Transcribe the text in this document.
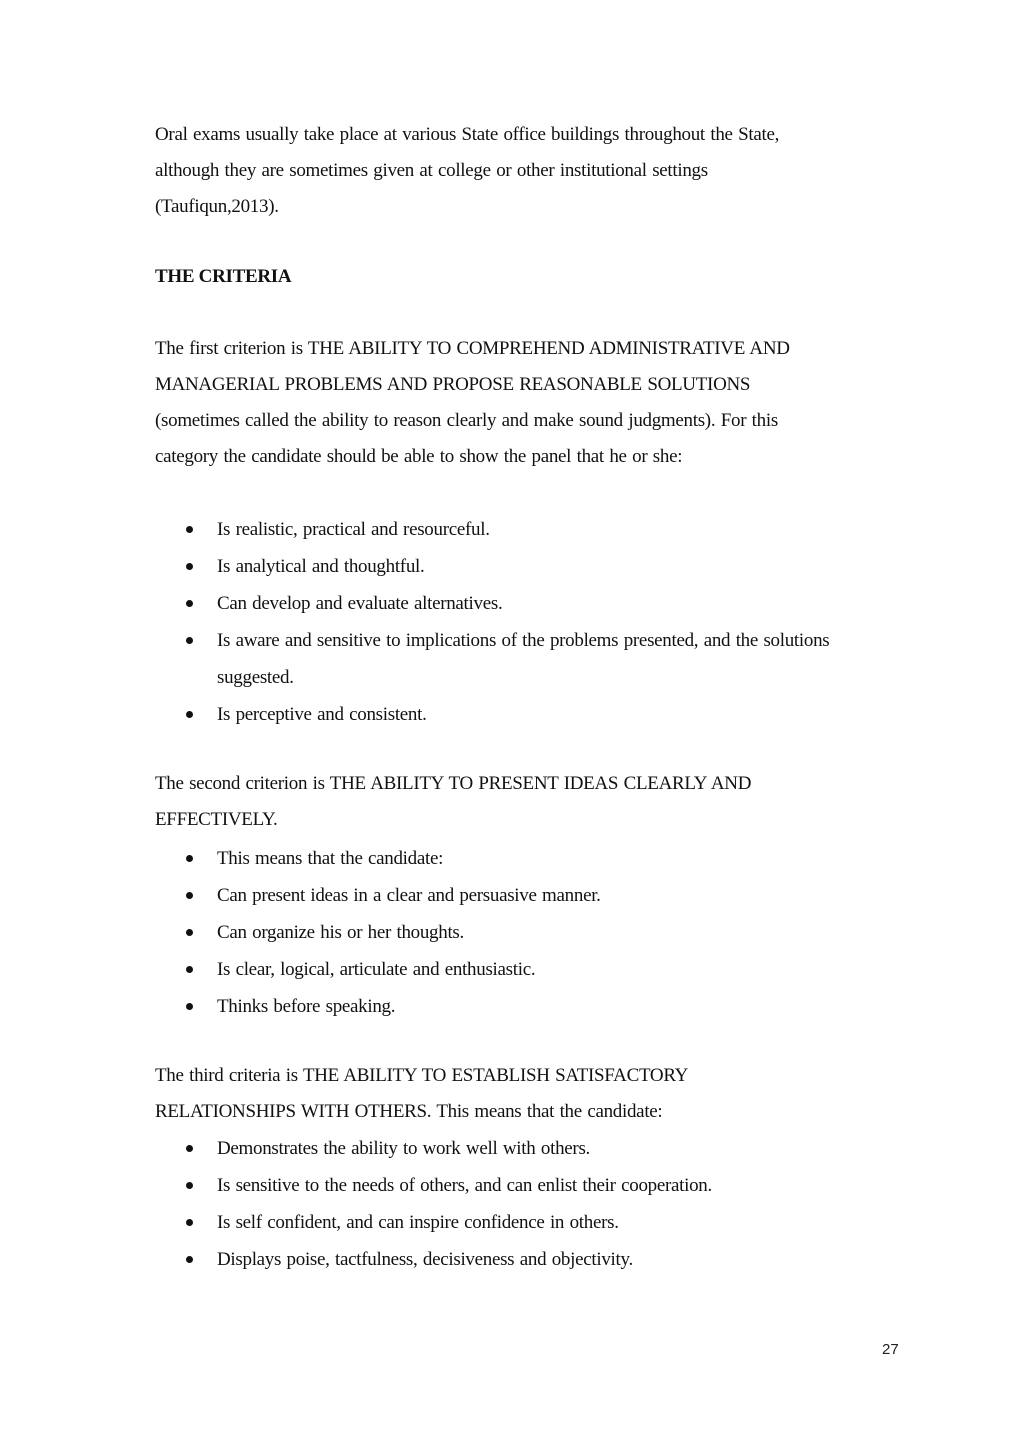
Oral exams usually take place at various State office buildings throughout the State,
although they are sometimes given at college or other institutional settings
(Taufiqun,2013).
THE CRITERIA
The first criterion is THE ABILITY TO COMPREHEND ADMINISTRATIVE AND
MANAGERIAL PROBLEMS AND PROPOSE REASONABLE SOLUTIONS
(sometimes called the ability to reason clearly and make sound judgments). For this
category the candidate should be able to show the panel that he or she:
Is realistic, practical and resourceful.
Is analytical and thoughtful.
Can develop and evaluate alternatives.
Is aware and sensitive to implications of the problems presented, and the solutions
suggested.
Is perceptive and consistent.
The second criterion is THE ABILITY TO PRESENT IDEAS CLEARLY AND
EFFECTIVELY.
This means that the candidate:
Can present ideas in a clear and persuasive manner.
Can organize his or her thoughts.
Is clear, logical, articulate and enthusiastic.
Thinks before speaking.
The third criteria is THE ABILITY TO ESTABLISH SATISFACTORY
RELATIONSHIPS WITH OTHERS. This means that the candidate:
Demonstrates the ability to work well with others.
Is sensitive to the needs of others, and can enlist their cooperation.
Is self confident, and can inspire confidence in others.
Displays poise, tactfulness, decisiveness and objectivity.
27
